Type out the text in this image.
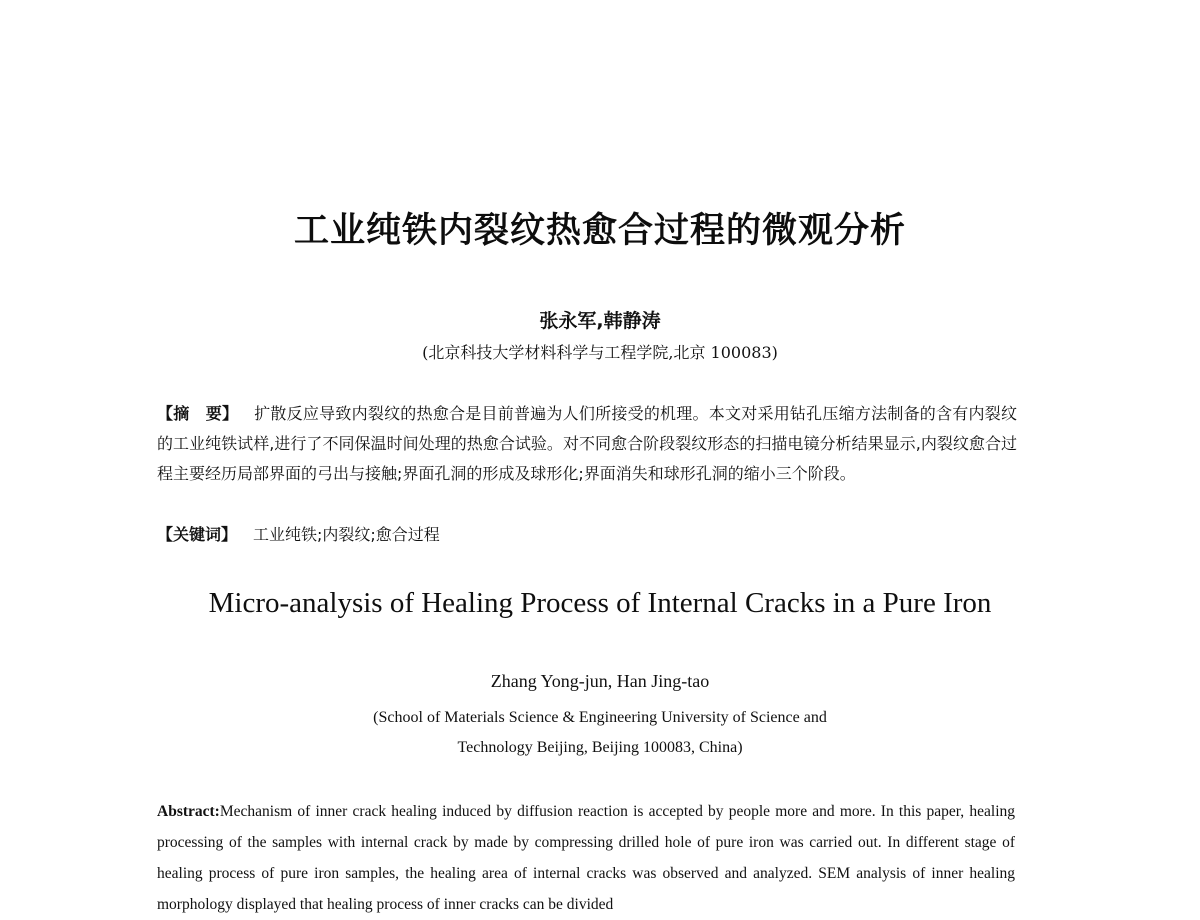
工业纯铁内裂纹热愈合过程的微观分析
张永军,韩静涛
(北京科技大学材料科学与工程学院,北京 100083)
【摘　要】 扩散反应导致内裂纹的热愈合是目前普遍为人们所接受的机理。本文对采用钻孔压缩方法制备的含有内裂纹的工业纯铁试样,进行了不同保温时间处理的热愈合试验。对不同愈合阶段裂纹形态的扫描电镜分析结果显示,内裂纹愈合过程主要经历局部界面的弓出与接触;界面孔洞的形成及球形化;界面消失和球形孔洞的缩小三个阶段。
【关键词】 工业纯铁;内裂纹;愈合过程
Micro-analysis of Healing Process of Internal Cracks in a Pure Iron
Zhang Yong-jun, Han Jing-tao
(School of Materials Science & Engineering University of Science and
Technology Beijing, Beijing 100083, China)
Abstract:Mechanism of inner crack healing induced by diffusion reaction is accepted by people more and more. In this paper, healing processing of the samples with internal crack by made by compressing drilled hole of pure iron was carried out. In different stage of healing process of pure iron samples, the healing area of internal cracks was observed and analyzed. SEM analysis of inner healing morphology displayed that healing process of inner cracks can be divided
